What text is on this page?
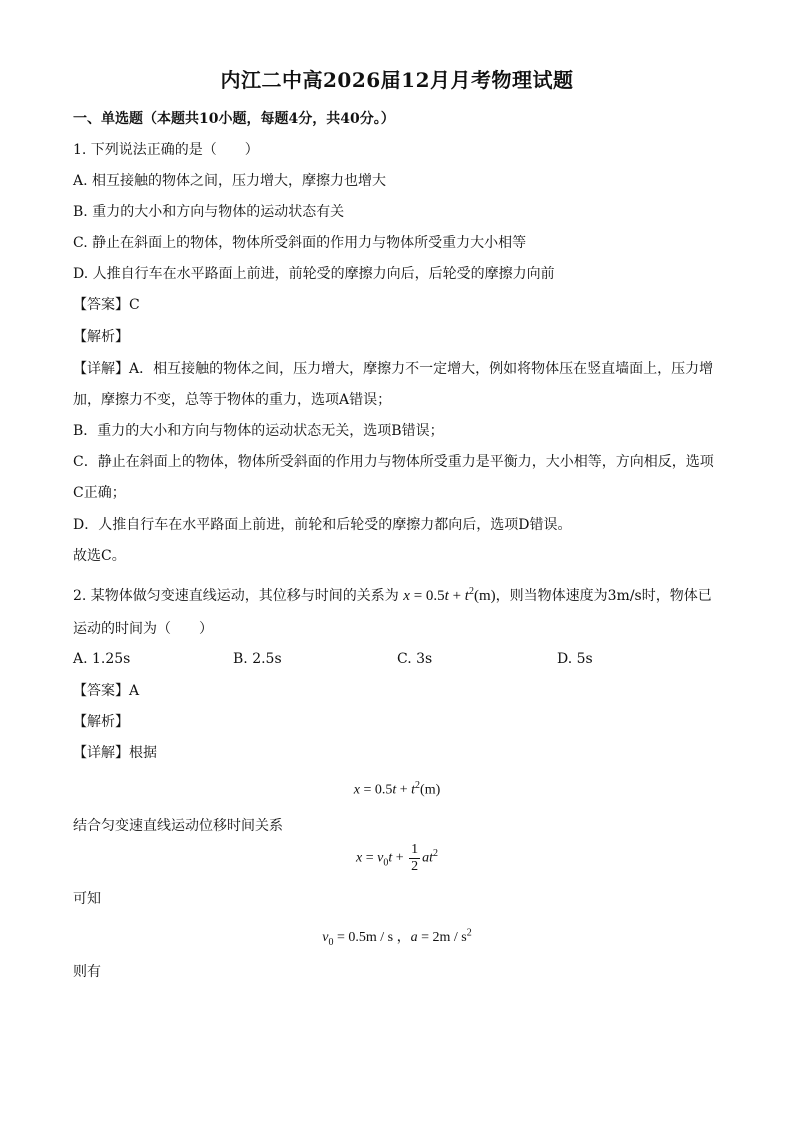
内江二中高2026届12月月考物理试题
一、单选题（本题共10小题，每题4分，共40分。）
1. 下列说法正确的是（　　）
A. 相互接触的物体之间，压力增大，摩擦力也增大
B. 重力的大小和方向与物体的运动状态有关
C. 静止在斜面上的物体，物体所受斜面的作用力与物体所受重力大小相等
D. 人推自行车在水平路面上前进，前轮受的摩擦力向后，后轮受的摩擦力向前
【答案】C
【解析】
【详解】A．相互接触的物体之间，压力增大，摩擦力不一定增大，例如将物体压在竖直墙面上，压力增
加，摩擦力不变，总等于物体的重力，选项A错误；
B．重力的大小和方向与物体的运动状态无关，选项B错误；
C．静止在斜面上的物体，物体所受斜面的作用力与物体所受重力是平衡力，大小相等，方向相反，选项
C正确；
D．人推自行车在水平路面上前进，前轮和后轮受的摩擦力都向后，选项D错误。
故选C。
2. 某物体做匀变速直线运动，其位移与时间的关系为 $x = 0.5t + t^2(m)$，则当物体速度为3m/s时，物体已
运动的时间为（　　）
A. 1.25s	B. 2.5s	C. 3s	D. 5s
【答案】A
【解析】
【详解】根据
$x = 0.5t + t^2(m)$
结合匀变速直线运动位移时间关系
$x = v_0t + \frac{1}{2} at^2$
可知
$v_0 = 0.5m / s$ ，$a = 2m / s^2$
则有
